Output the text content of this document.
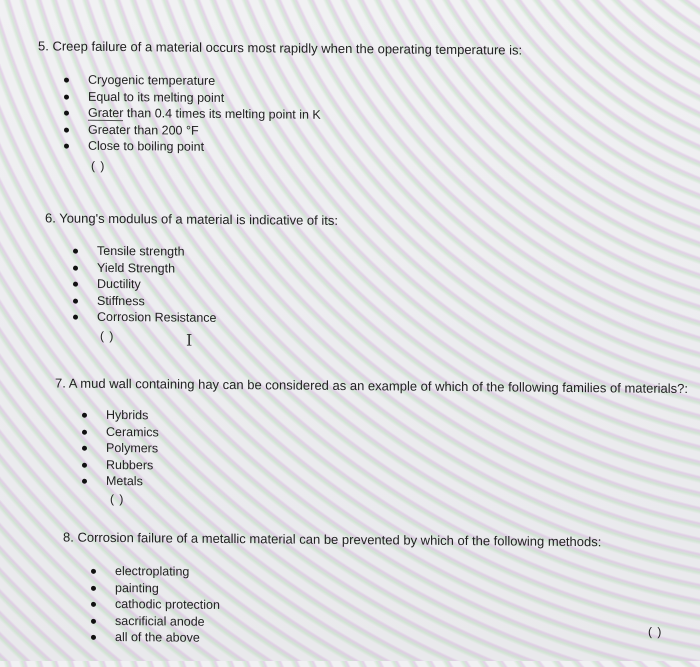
5. Creep failure of a material occurs most rapidly when the operating temperature is:
Cryogenic temperature
Equal to its melting point
Grater than 0.4 times its melting point in K
Greater than 200 °F
Close to boiling point
( )
6. Young's modulus of a material is indicative of its:
Tensile strength
Yield Strength
Ductility
Stiffness
Corrosion Resistance
( )	I
7. A mud wall containing hay can be considered as an example of which of the following families of materials?:
Hybrids
Ceramics
Polymers
Rubbers
Metals
( )
8. Corrosion failure of a metallic material can be prevented by which of the following methods:
electroplating
painting
cathodic protection
sacrificial anode
all of the above	( )
